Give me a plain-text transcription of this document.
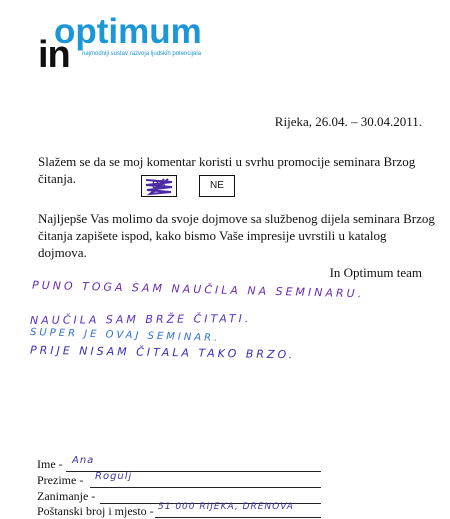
optimum
in najmodniji sustav razvoja ljudskih potencijala
Rijeka, 26.04. – 30.04.2011.
Slažem se da se moj komentar koristi u svrhu promocije seminara Brzog čitanja.	DA	NE
Najljepše Vas molimo da svoje dojmove sa službenog dijela seminara Brzog čitanja zapišete ispod, kako bismo Vaše impresije uvrstili u katalog dojmova.
In Optimum team
PUNO TOGA SAM NAUČILA NA SEMINARU.
NAUČILA SAM BRŽE ČITATI.
SUPER JE OVAJ SEMINAR.
PRIJE NISAM ČITALA TAKO BRZO.
Ime - Ana
Prezime - Rogulj
Zanimanje -
Poštanski broj i mjesto - 51 000 RIJEKA, DRENOVA
